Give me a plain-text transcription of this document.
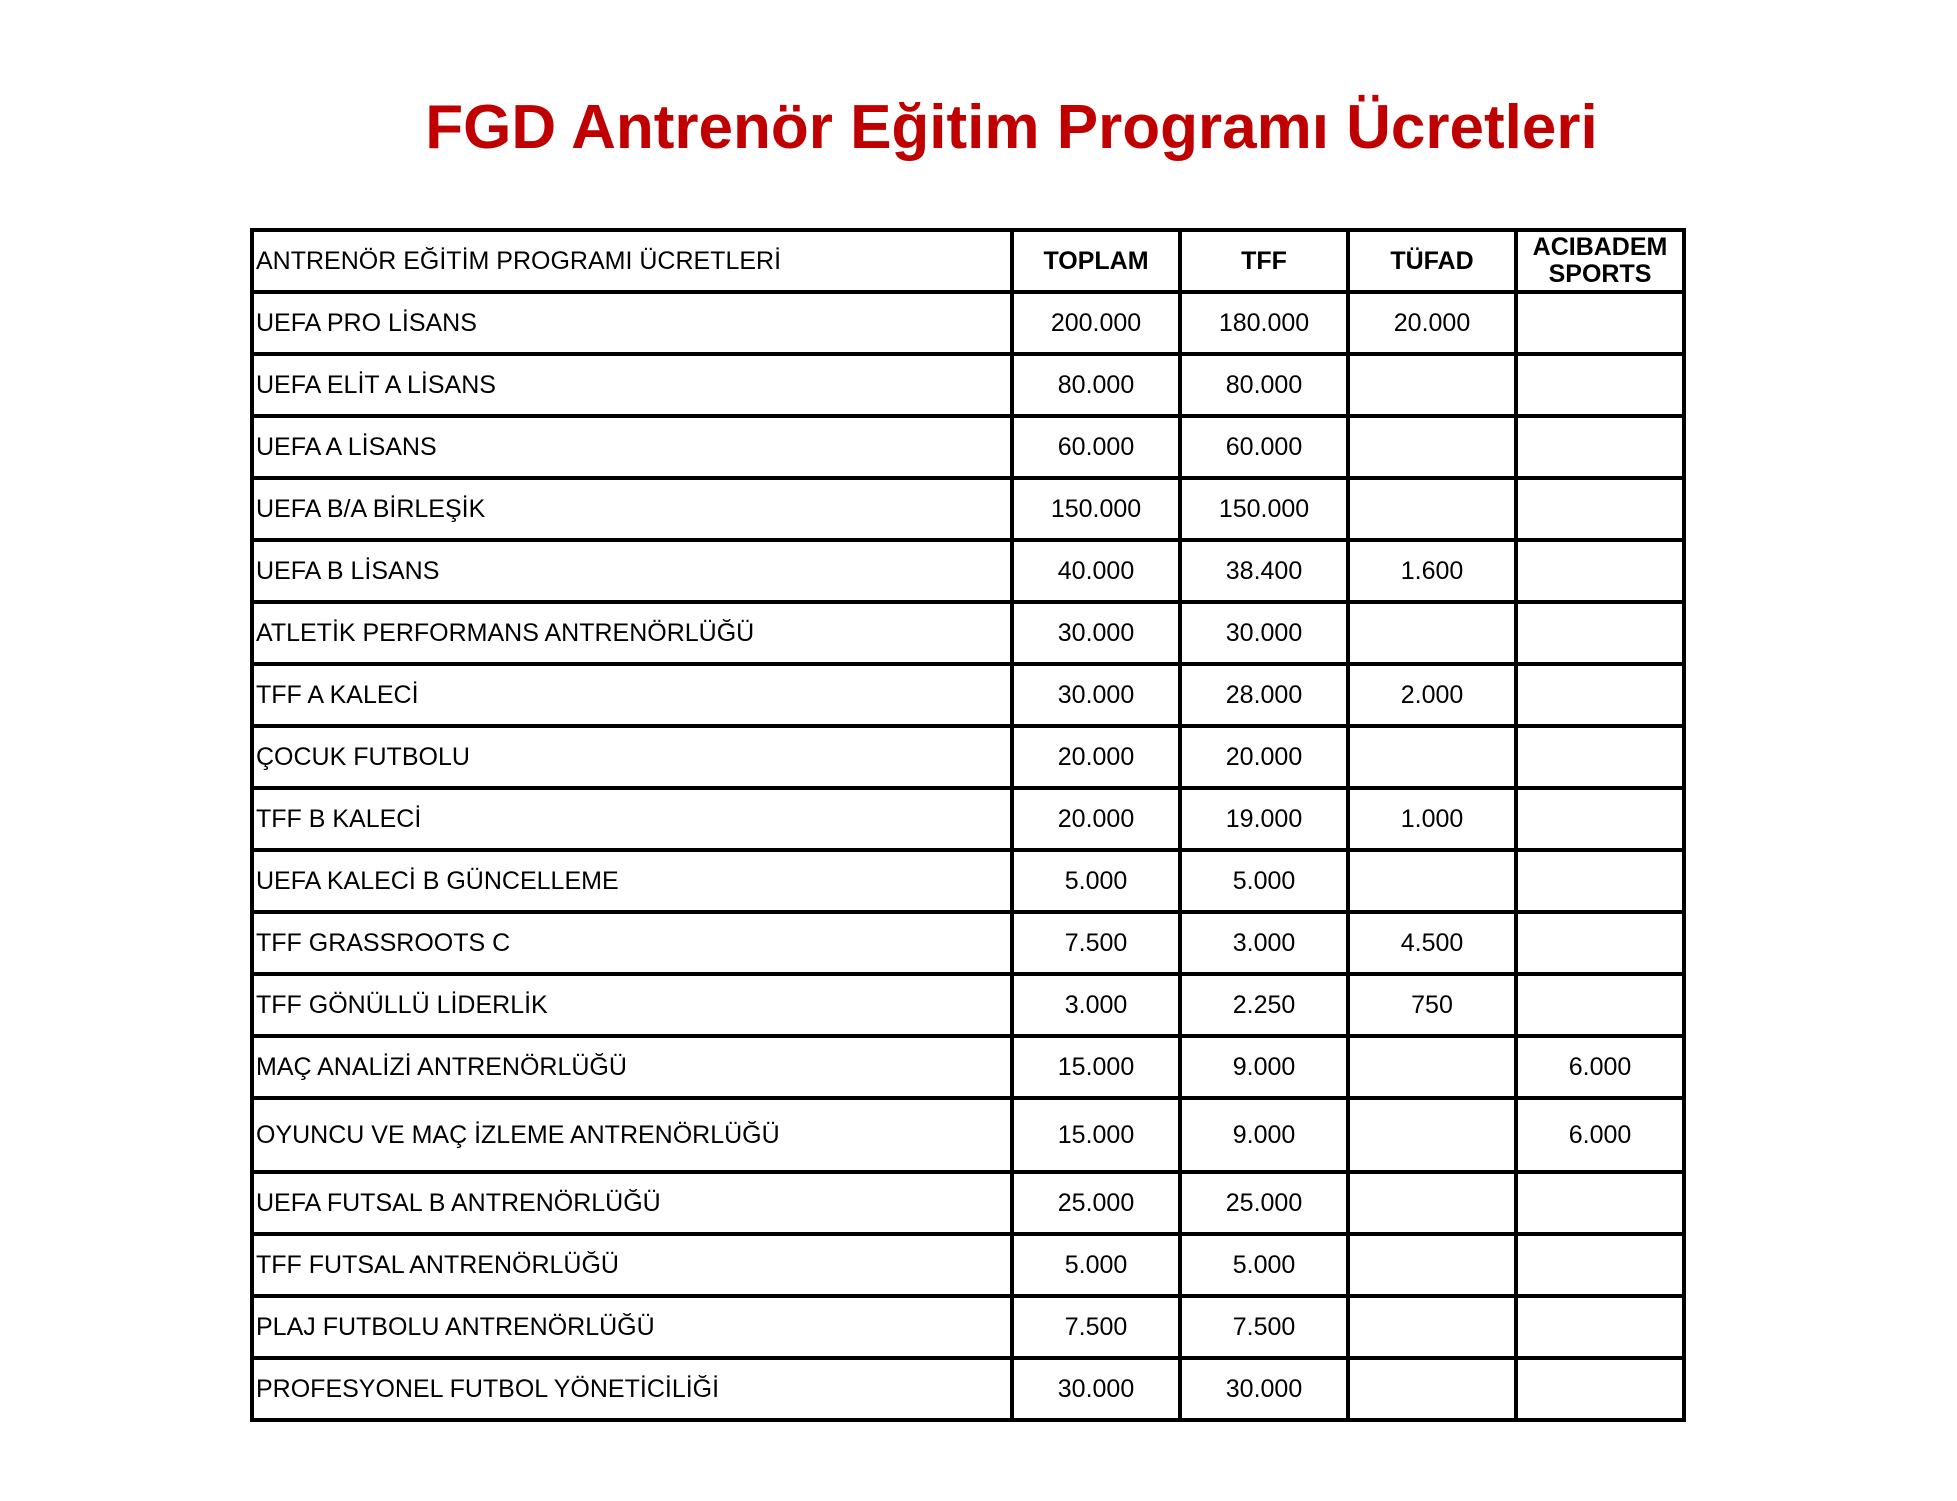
FGD Antrenör Eğitim Programı Ücretleri
ANTRENÖR EĞİTİM PROGRAMI ÜCRETLERİ	TOPLAM	TFF	TÜFAD	ACIBADEM SPORTS
UEFA PRO LİSANS	200.000	180.000	20.000	
UEFA ELİT A LİSANS	80.000	80.000		
UEFA A LİSANS	60.000	60.000		
UEFA B/A BİRLEŞİK	150.000	150.000		
UEFA B LİSANS	40.000	38.400	1.600	
ATLETİK PERFORMANS ANTRENÖRLÜĞÜ	30.000	30.000		
TFF A KALECİ	30.000	28.000	2.000	
ÇOCUK FUTBOLU	20.000	20.000		
TFF B KALECİ	20.000	19.000	1.000	
UEFA KALECİ B GÜNCELLEME	5.000	5.000		
TFF GRASSROOTS C	7.500	3.000	4.500	
TFF GÖNÜLLÜ LİDERLİK	3.000	2.250	750	
MAÇ ANALİZİ ANTRENÖRLÜĞÜ	15.000	9.000		6.000
OYUNCU VE MAÇ İZLEME ANTRENÖRLÜĞÜ	15.000	9.000		6.000
UEFA FUTSAL B ANTRENÖRLÜĞÜ	25.000	25.000		
TFF FUTSAL ANTRENÖRLÜĞÜ	5.000	5.000		
PLAJ FUTBOLU ANTRENÖRLÜĞÜ	7.500	7.500		
PROFESYONEL FUTBOL YÖNETİCİLİĞİ	30.000	30.000		
